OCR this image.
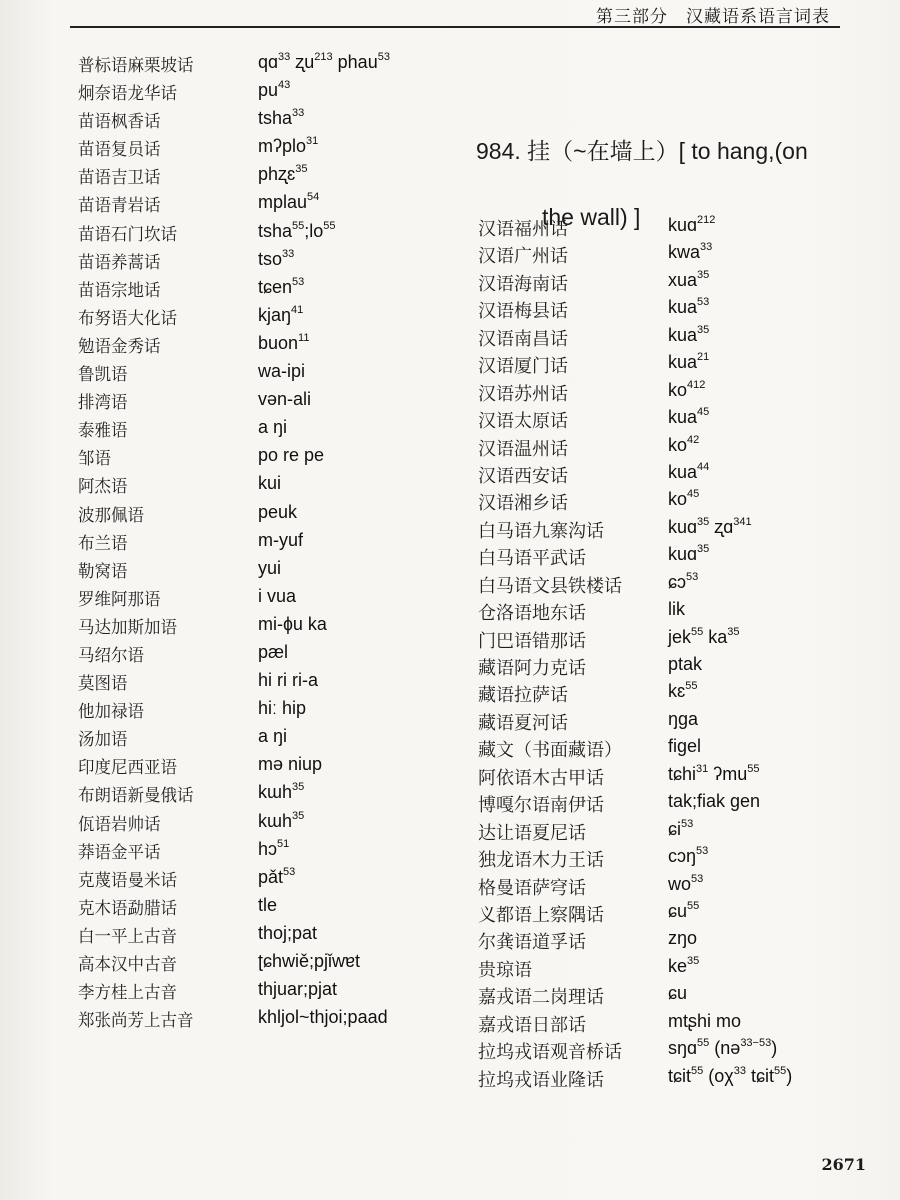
第三部分　汉藏语系语言词表
普标语麻栗坡话	qɑ$^{33}$ ʐu$^{213}$ phau$^{53}$
炯奈语龙华话	$pu^{43}$
苗语枫香话	tsha$^{33}$
苗语复员话	mʔplo$^{31}$
苗语吉卫话	phʐɛ$^{35}$
苗语青岩话	mplau$^{54}$
苗语石门坎话	$tsha^{55};lo^{55}$
苗语养蒿话	tso$^{33}$
苗语宗地话	tɕen$^{53}$
布努语大化话	kjaŋ$^{41}$
勉语金秀话	buon$^{11}$
鲁凯语	wa-ipi
排湾语	vən-ali
泰雅语	a ŋi
邹语	po re pe
阿杰语	kui
波那佩语	peuk
布兰语	m-yuf
勒窝语	yui
罗维阿那语	i vua
马达加斯加语	mi-ɸu ka
马绍尔语	pæl
莫图语	hi ri ri-a
他加禄语	hiː hip
汤加语	a ŋi
印度尼西亚语	mə niup
布朗语新曼俄话	kɯh$^{35}$
佤语岩帅话	kɯh$^{35}$
莽语金平话	hɔ$^{51}$
克蔑语曼米话	pǎt$^{53}$
克木语勐腊话	tle
白一平上古音	thoj;pat
高本汉中古音	ʈɕhwiě;pjǐwɐt
李方桂上古音	thjuar;pjat
郑张尚芳上古音	khljol~thjoi;paad
984. 挂（~在墙上）[ to hang,(on
the wall) ]
汉语福州话	kuɑ$^{212}$
汉语广州话	kwa$^{33}$
汉语海南话	xua$^{35}$
汉语梅县话	kua$^{53}$
汉语南昌话	kua$^{35}$
汉语厦门话	kua$^{21}$
汉语苏州话	$ko^{412}$
汉语太原话	kua$^{45}$
汉语温州话	$ko^{42}$
汉语西安话	kua$^{44}$
汉语湘乡话	$ko^{45}$
白马语九寨沟话	kuɑ$^{35}$ ʐɑ$^{341}$
白马语平武话	kuɑ$^{35}$
白马语文县铁楼话	ɕɔ$^{53}$
仓洛语地东话	lik
门巴语错那话	jek$^{55}$ $ka^{35}$
藏语阿力克话	ptak
藏语拉萨话	kɛ$^{55}$
藏语夏河话	ŋga
藏文（书面藏语）	figel
阿依语木古甲话	tɕhi$^{31}$ ʔmu$^{55}$
博嘎尔语南伊话	tak;fiak gen
达让语夏尼话	ɕi$^{53}$
独龙语木力王话	cɔŋ$^{53}$
格曼语萨穹话	$wo^{53}$
义都语上察隅话	ɕu$^{55}$
尔龚语道孚话	zŋo
贵琼语	$ke^{35}$
嘉戎语二岗理话	ɕu
嘉戎语日部话	mtʂhi mo
拉坞戎语观音桥话	sŋɑ$^{55}$ (nə$^{33-53}$)
拉坞戎语业隆话	tɕit$^{55}$ ($o\chi^{33}$ tɕit$^{55}$)
2671
